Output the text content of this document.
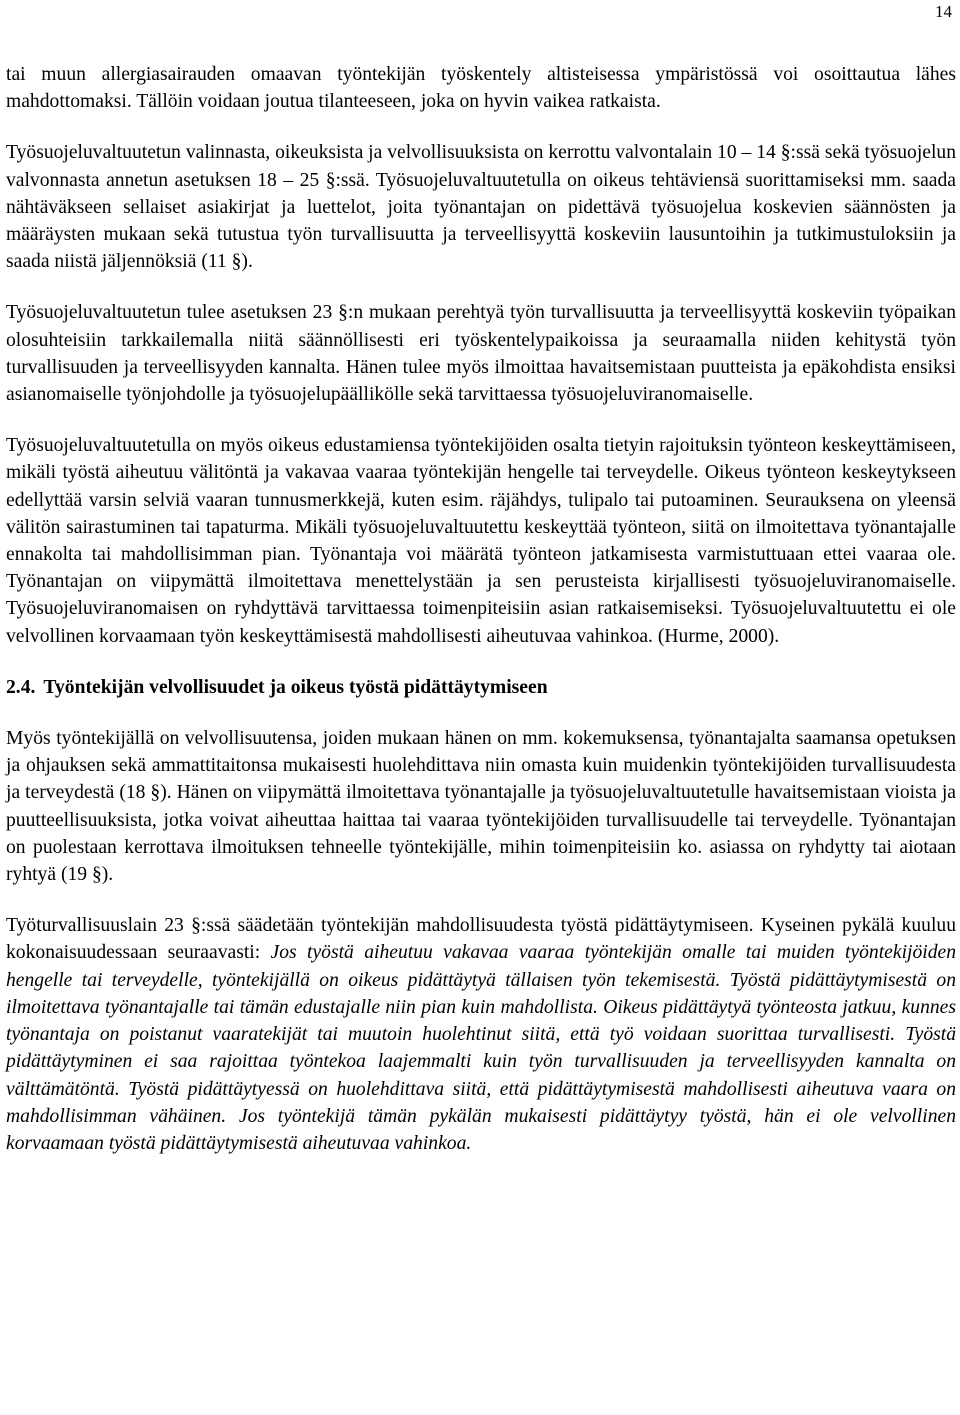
14

tai muun allergiasairauden omaavan työntekijän työskentely altisteisessa ympäristössä voi osoittautua lähes mahdottomaksi. Tällöin voidaan joutua tilanteeseen, joka on hyvin vaikea ratkaista.

Työsuojeluvaltuutetun valinnasta, oikeuksista ja velvollisuuksista on kerrottu valvontalain 10 – 14 §:ssä sekä työsuojelun valvonnasta annetun asetuksen 18 – 25 §:ssä. Työsuojeluvaltuutetulla on oikeus tehtäviensä suorittamiseksi mm. saada nähtäväkseen sellaiset asiakirjat ja luettelot, joita työnantajan on pidettävä työsuojelua koskevien säännösten ja määräysten mukaan sekä tutustua työn turvallisuutta ja terveellisyyttä koskeviin lausuntoihin ja tutkimustuloksiin ja saada niistä jäljennöksiä (11 §).

Työsuojeluvaltuutetun tulee asetuksen 23 §:n mukaan perehtyä työn turvallisuutta ja terveellisyyttä koskeviin työpaikan olosuhteisiin tarkkailemalla niitä säännöllisesti eri työskentelypaikoissa ja seuraamalla niiden kehitystä työn turvallisuuden ja terveellisyyden kannalta. Hänen tulee myös ilmoittaa havaitsemistaan puutteista ja epäkohdista ensiksi asianomaiselle työnjohdolle ja työsuojelupäällikölle sekä tarvittaessa työsuojeluviranomaiselle.

Työsuojeluvaltuutetulla on myös oikeus edustamiensa työntekijöiden osalta tietyin rajoituksin työnteon keskeyttämiseen, mikäli työstä aiheutuu välitöntä ja vakavaa vaaraa työntekijän hengelle tai terveydelle. Oikeus työnteon keskeytykseen edellyttää varsin selviä vaaran tunnusmerkkejä, kuten esim. räjähdys, tulipalo tai putoaminen. Seurauksena on yleensä välitön sairastuminen tai tapaturma. Mikäli työsuojeluvaltuutettu keskeyttää työnteon, siitä on ilmoitettava työnantajalle ennakolta tai mahdollisimman pian. Työnantaja voi määrätä työnteon jatkamisesta varmistuttuaan ettei vaaraa ole. Työnantajan on viipymättä ilmoitettava menettelystään ja sen perusteista kirjallisesti työsuojeluviranomaiselle. Työsuojeluviranomaisen on ryhdyttävä tarvittaessa toimenpiteisiin asian ratkaisemiseksi. Työsuojeluvaltuutettu ei ole velvollinen korvaamaan työn keskeyttämisestä mahdollisesti aiheutuvaa vahinkoa. (Hurme, 2000).

2.4. Työntekijän velvollisuudet ja oikeus työstä pidättäytymiseen

Myös työntekijällä on velvollisuutensa, joiden mukaan hänen on mm. kokemuksensa, työnantajalta saamansa opetuksen ja ohjauksen sekä ammattitaitonsa mukaisesti huolehdittava niin omasta kuin muidenkin työntekijöiden turvallisuudesta ja terveydestä (18 §). Hänen on viipymättä ilmoitettava työnantajalle ja työsuojeluvaltuutetulle havaitsemistaan vioista ja puutteellisuuksista, jotka voivat aiheuttaa haittaa tai vaaraa työntekijöiden turvallisuudelle tai terveydelle. Työnantajan on puolestaan kerrottava ilmoituksen tehneelle työntekijälle, mihin toimenpiteisiin ko. asiassa on ryhdytty tai aiotaan ryhtyä (19 §).

Työturvallisuuslain 23 §:ssä säädetään työntekijän mahdollisuudesta työstä pidättäytymiseen. Kyseinen pykälä kuuluu kokonaisuudessaan seuraavasti: Jos työstä aiheutuu vakavaa vaaraa työntekijän omalle tai muiden työntekijöiden hengelle tai terveydelle, työntekijällä on oikeus pidättäytyä tällaisen työn tekemisestä. Työstä pidättäytymisestä on ilmoitettava työnantajalle tai tämän edustajalle niin pian kuin mahdollista. Oikeus pidättäytyä työnteosta jatkuu, kunnes työnantaja on poistanut vaaratekijät tai muutoin huolehtinut siitä, että työ voidaan suorittaa turvallisesti. Työstä pidättäytyminen ei saa rajoittaa työntekoa laajemmalti kuin työn turvallisuuden ja terveellisyyden kannalta on välttämätöntä. Työstä pidättäytyessä on huolehdittava siitä, että pidättäytymisestä mahdollisesti aiheutuva vaara on mahdollisimman vähäinen. Jos työntekijä tämän pykälän mukaisesti pidättäytyy työstä, hän ei ole velvollinen korvaamaan työstä pidättäytymisestä aiheutuvaa vahinkoa.
